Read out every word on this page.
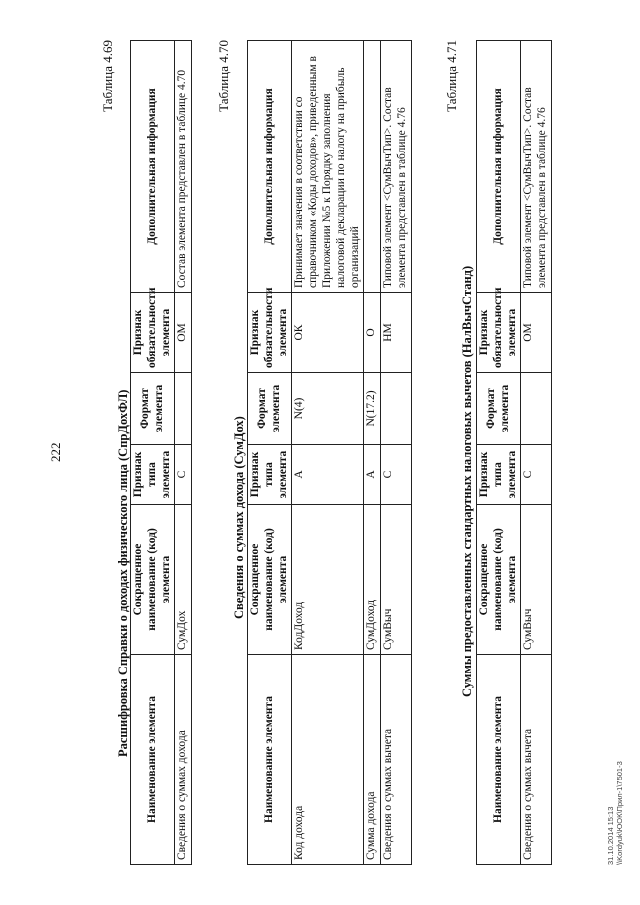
222
Таблица 4.69
Расшифровка Справки о доходах физического лица (СпрДохФЛ)
Наименование элемента	Сокращенное наименование (код) элемента	Признак типа элемента	Формат элемента	Признак обязательности элемента	Дополнительная информация
Сведения о суммах дохода	СумДох	С		ОМ	Состав элемента представлен в таблице 4.70 Таблица 4.70
Сведения о суммах дохода (СумДох)
Наименование элемента	Сокращенное наименование (код) элемента	Признак типа элемента	Формат элемента	Признак обязательности элемента	Дополнительная информация
Код дохода	КодДоход	А	N(4)	ОК	Принимает значения в соответствии со справочником «Коды доходов», приведенным в Приложении №5 к Порядку заполнения налоговой декларации по налогу на прибыль организаций
Сумма дохода	СумДоход	А	N(17.2)	О	
Сведения о суммах вычета	СумВыч	С		НМ	Типовой элемент <СумВычТип>. Состав элемента представлен в таблице 4.76
Таблица 4.71
Суммы предоставленных стандартных налоговых вычетов (НалВычСтанд)
Наименование элемента	Сокращенное наименование (код) элемента	Признак типа элемента	Формат элемента	Признак обязательности элемента	Дополнительная информация
Сведения о суммах вычета	СумВыч	С		ОМ	Типовой элемент <СумВычТип>. Состав элемента представлен в таблице 4.76
31.10.2014 15:13 \\Kordyuk\ЮОК\Прил-1\7501-3
